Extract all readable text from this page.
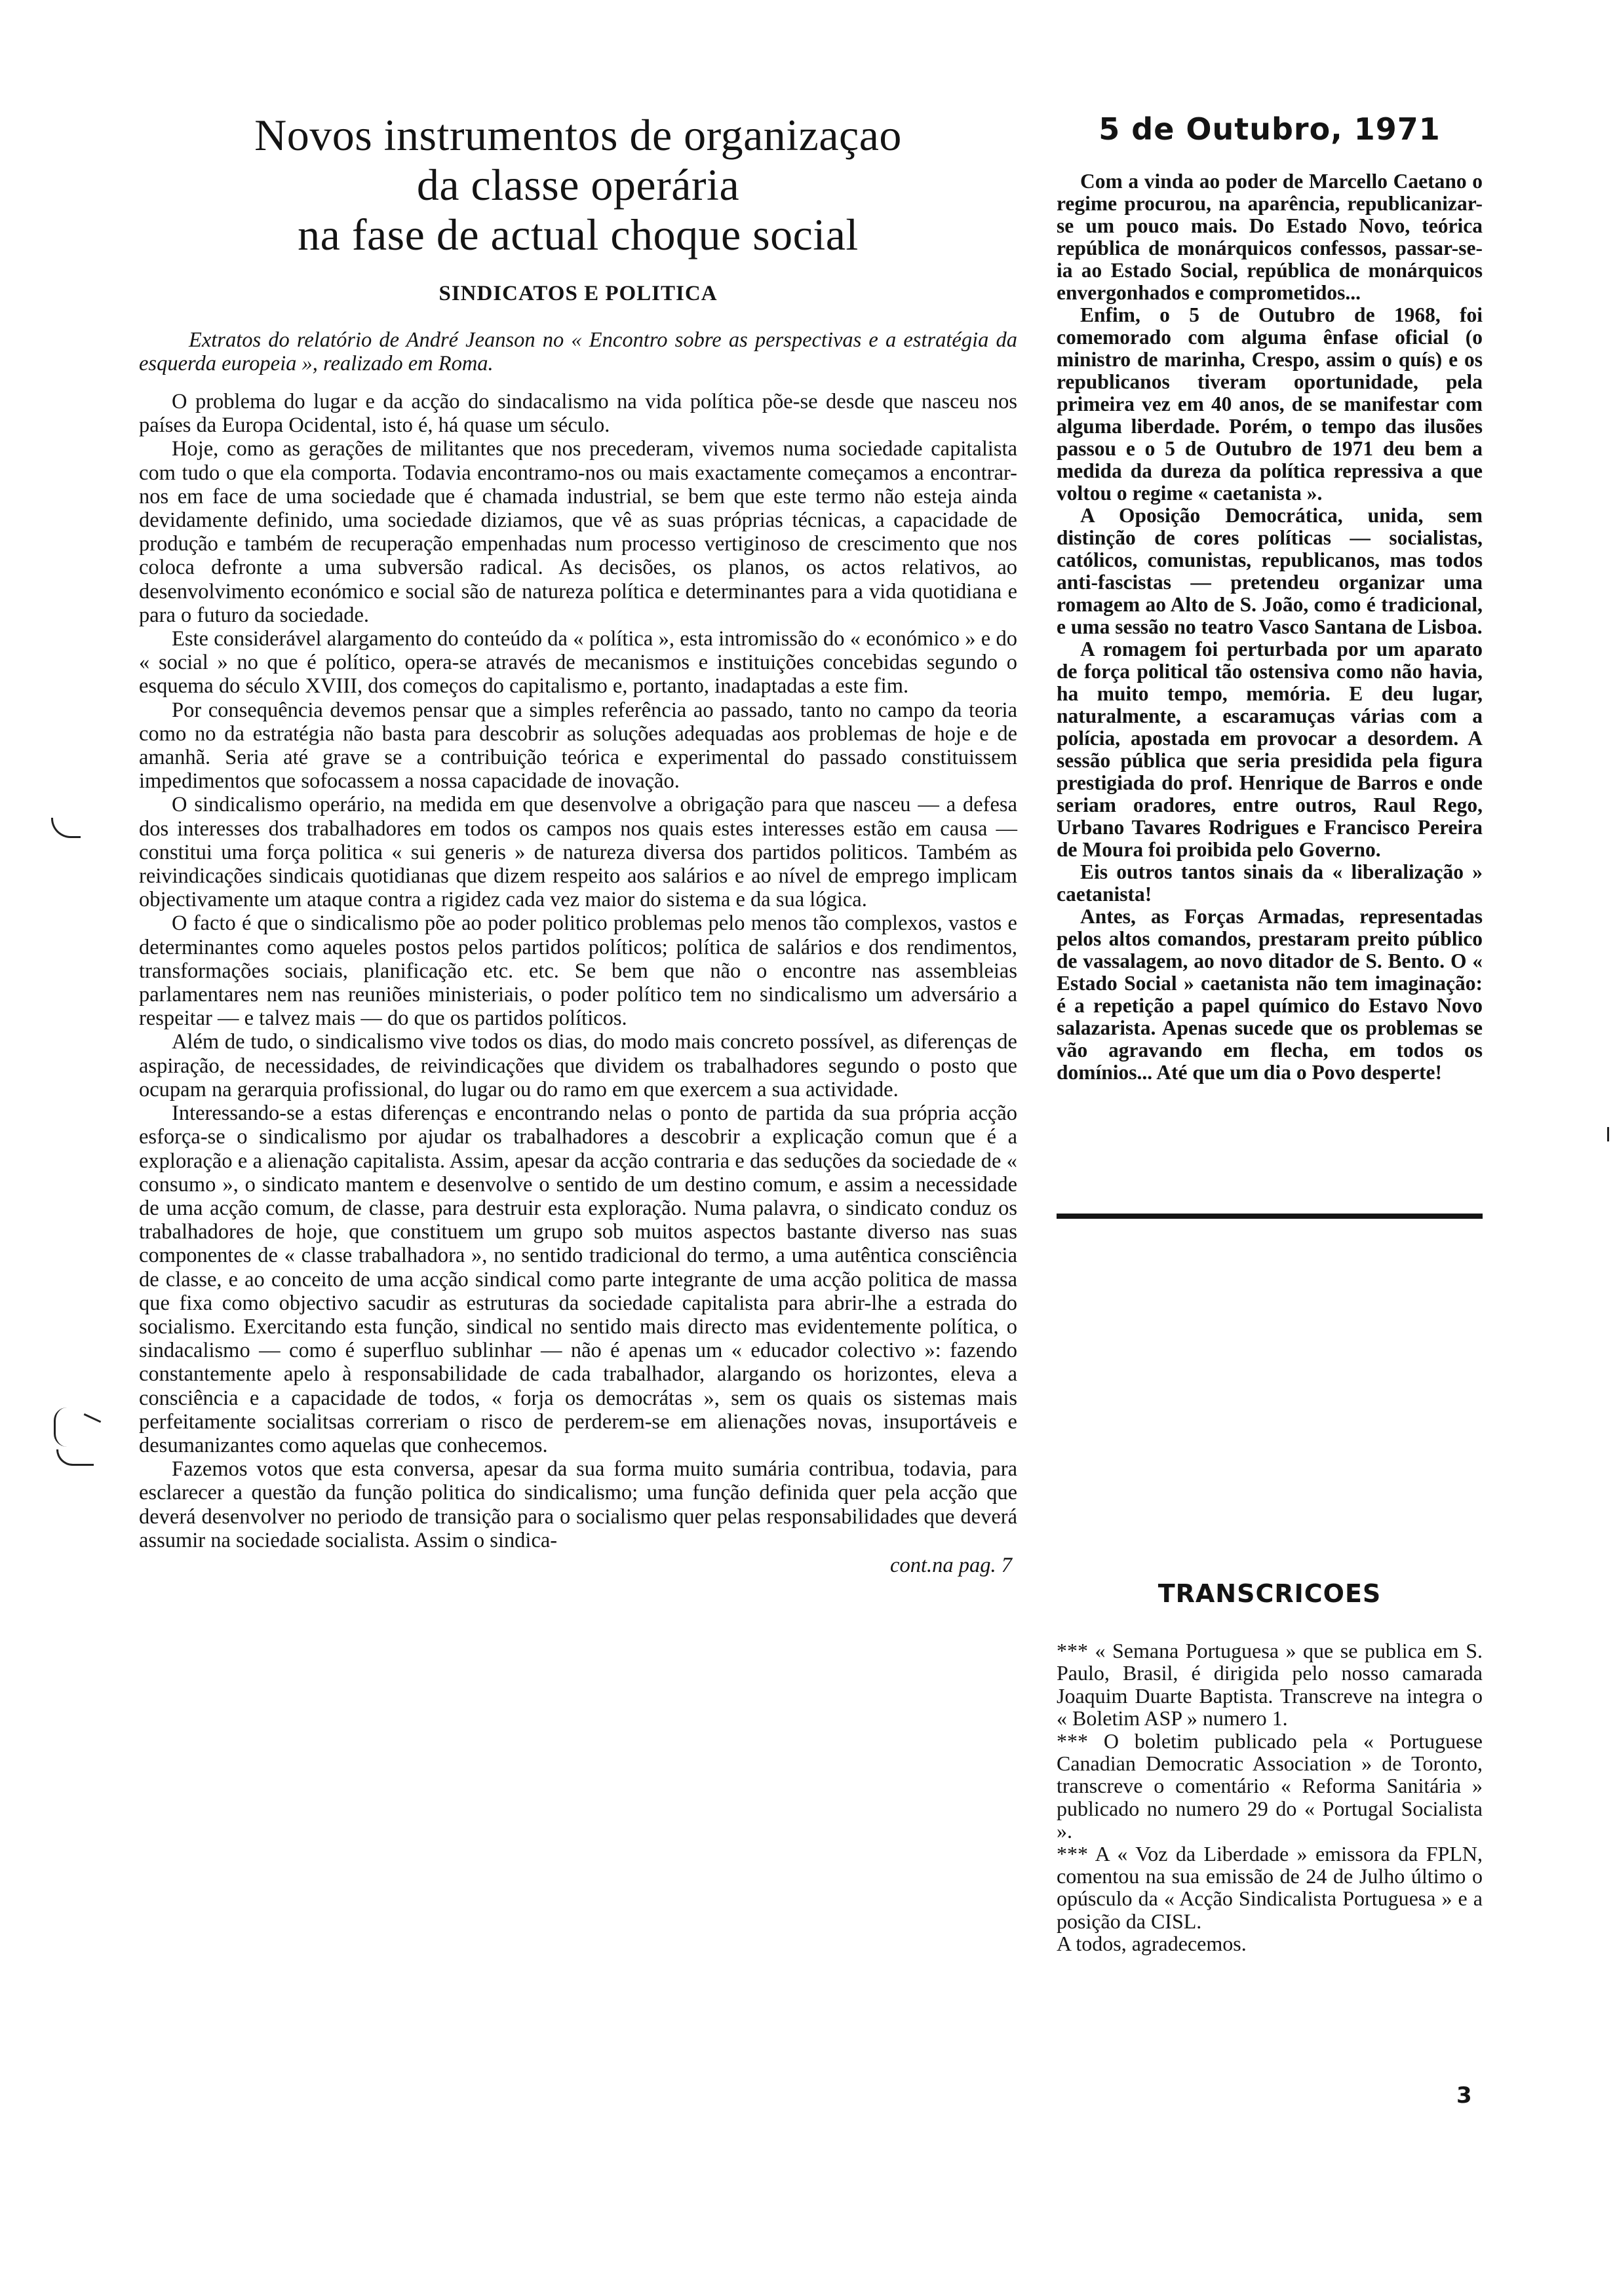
Novos instrumentos de organizaçao
da classe operária
na fase de actual choque social
SINDICATOS E POLITICA
Extratos do relatório de André Jeanson no « Encontro sobre as perspectivas e a estratégia da esquerda europeia », realizado em Roma.

O problema do lugar e da acção do sindacalismo na vida política põe-se desde que nasceu nos países da Europa Ocidental, isto é, há quase um século.

Hoje, como as gerações de militantes que nos precederam, vivemos numa sociedade capitalista com tudo o que ela comporta. Todavia encontramo-nos ou mais exactamente começamos a encontrar-nos em face de uma sociedade que é chamada industrial, se bem que este termo não esteja ainda devidamente definido, uma sociedade diziamos, que vê as suas próprias técnicas, a capacidade de produção e também de recuperação empenhadas num processo vertiginoso de crescimento que nos coloca defronte a uma subversão radical. As decisões, os planos, os actos relativos, ao desenvolvimento económico e social são de natureza política e determinantes para a vida quotidiana e para o futuro da sociedade.

Este considerável alargamento do conteúdo da « política », esta intromissão do « económico » e do « social » no que é político, opera-se através de mecanismos e instituições concebidas segundo o esquema do século XVIII, dos começos do capitalismo e, portanto, inadaptadas a este fim.

Por consequência devemos pensar que a simples referência ao passado, tanto no campo da teoria como no da estratégia não basta para descobrir as soluções adequadas aos problemas de hoje e de amanhã. Seria até grave se a contribuição teórica e experimental do passado constituissem impedimentos que sofocassem a nossa capacidade de inovação.

O sindicalismo operário, na medida em que desenvolve a obrigação para que nasceu — a defesa dos interesses dos trabalhadores em todos os campos nos quais estes interesses estão em causa — constitui uma força politica « sui generis » de natureza diversa dos partidos politicos. Também as reivindicações sindicais quotidianas que dizem respeito aos salários e ao nível de emprego implicam objectivamente um ataque contra a rigidez cada vez maior do sistema e da sua lógica.

O facto é que o sindicalismo põe ao poder politico problemas pelo menos tão complexos, vastos e determinantes como aqueles postos pelos partidos políticos; política de salários e dos rendimentos, transformações sociais, planificação etc. etc. Se bem que não o encontre nas assembleias parlamentares nem nas reuniões ministeriais, o poder político tem no sindicalismo um adversário a respeitar — e talvez mais — do que os partidos políticos.

Além de tudo, o sindicalismo vive todos os dias, do modo mais concreto possível, as diferenças de aspiração, de necessidades, de reivindicações que dividem os trabalhadores segundo o posto que ocupam na gerarquia profissional, do lugar ou do ramo em que exercem a sua actividade.

Interessando-se a estas diferenças e encontrando nelas o ponto de partida da sua própria acção esforça-se o sindicalismo por ajudar os trabalhadores a descobrir a explicação comun que é a exploração e a alienação capitalista. Assim, apesar da acção contraria e das seduções da sociedade de « consumo », o sindicato mantem e desenvolve o sentido de um destino comum, e assim a necessidade de uma acção comum, de classe, para destruir esta exploração. Numa palavra, o sindicato conduz os trabalhadores de hoje, que constituem um grupo sob muitos aspectos bastante diverso nas suas componentes de « classe trabalhadora », no sentido tradicional do termo, a uma autêntica consciência de classe, e ao conceito de uma acção sindical como parte integrante de uma acção politica de massa que fixa como objectivo sacudir as estruturas da sociedade capitalista para abrir-lhe a estrada do socialismo. Exercitando esta função, sindical no sentido mais directo mas evidentemente política, o sindacalismo — como é superfluo sublinhar — não é apenas um « educador colectivo »: fazendo constantemente apelo à responsabilidade de cada trabalhador, alargando os horizontes, eleva a consciência e a capacidade de todos, « forja os democrátas », sem os quais os sistemas mais perfeitamente socialitsas correriam o risco de perderem-se em alienações novas, insuportáveis e desumanizantes como aquelas que conhecemos.

Fazemos votos que esta conversa, apesar da sua forma muito sumária contribua, todavia, para esclarecer a questão da função politica do sindicalismo; uma função definida quer pela acção que deverá desenvolver no periodo de transição para o socialismo quer pelas responsabilidades que deverá assumir na sociedade socialista. Assim o sindica-

cont.na pag. 7
5 de Outubro, 1971

Com a vinda ao poder de Marcello Caetano o regime procurou, na aparência, republicanizar-se um pouco mais. Do Estado Novo, teórica república de monárquicos confessos, passar-se-ia ao Estado Social, república de monárquicos envergonhados e comprometidos...

Enfim, o 5 de Outubro de 1968, foi comemorado com alguma ênfase oficial (o ministro de marinha, Crespo, assim o quís) e os republicanos tiveram oportunidade, pela primeira vez em 40 anos, de se manifestar com alguma liberdade. Porém, o tempo das ilusões passou e o 5 de Outubro de 1971 deu bem a medida da dureza da política repressiva a que voltou o regime « caetanista ».

A Oposição Democrática, unida, sem distinção de cores políticas — socialistas, católicos, comunistas, republicanos, mas todos anti-fascistas — pretendeu organizar uma romagem ao Alto de S. João, como é tradicional, e uma sessão no teatro Vasco Santana de Lisboa.

A romagem foi perturbada por um aparato de força political tão ostensiva como não havia, ha muito tempo, memória. E deu lugar, naturalmente, a escaramuças várias com a polícia, apostada em provocar a desordem. A sessão pública que seria presidida pela figura prestigiada do prof. Henrique de Barros e onde seriam oradores, entre outros, Raul Rego, Urbano Tavares Rodrigues e Francisco Pereira de Moura foi proibida pelo Governo.

Eis outros tantos sinais da « liberalização » caetanista!

Antes, as Forças Armadas, representadas pelos altos comandos, prestaram preito público de vassalagem, ao novo ditador de S. Bento. O « Estado Social » caetanista não tem imaginação: é a repetição a papel químico do Estavo Novo salazarista. Apenas sucede que os problemas se vão agravando em flecha, em todos os domínios... Até que um dia o Povo desperte!

TRANSCRICOES

*** « Semana Portuguesa » que se publica em S. Paulo, Brasil, é dirigida pelo nosso camarada Joaquim Duarte Baptista. Transcreve na integra o « Boletim ASP » numero 1.

*** O boletim publicado pela « Portuguese Canadian Democratic Association » de Toronto, transcreve o comentário « Reforma Sanitária » publicado no numero 29 do « Portugal Socialista ».

*** A « Voz da Liberdade » emissora da FPLN, comentou na sua emissão de 24 de Julho último o opúsculo da « Acção Sindicalista Portuguesa » e a posição da CISL.

A todos, agradecemos.

3
